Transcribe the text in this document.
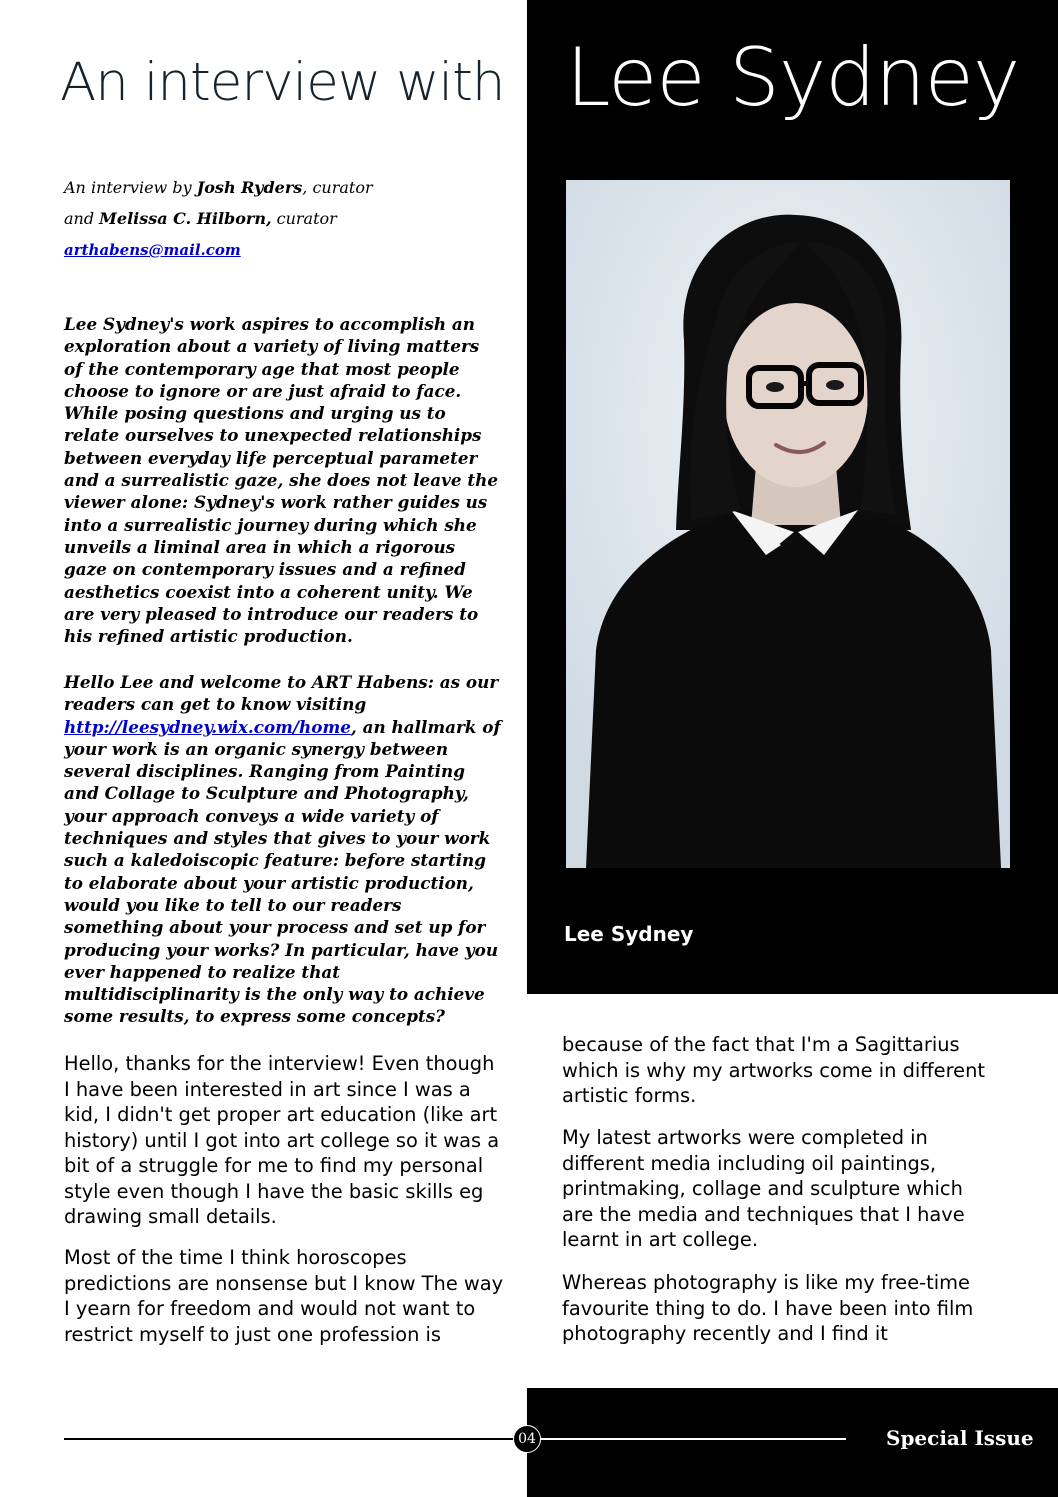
An interview with Lee Sydney

An interview by Josh Ryders, curator

and Melissa C. Hilborn, curator

arthabens@mail.com

Lee Sydney's work aspires to accomplish an exploration about a variety of living matters of the contemporary age that most people choose to ignore or are just afraid to face. While posing questions and urging us to relate ourselves to unexpected relationships between everyday life perceptual parameter and a surrealistic gaze, she does not leave the viewer alone: Sydney's work rather guides us into a surrealistic journey during which she unveils a liminal area in which a rigorous gaze on contemporary issues and a refined aesthetics coexist into a coherent unity. We are very pleased to introduce our readers to his refined artistic production.

Hello Lee and welcome to ART Habens: as our readers can get to know visiting http://leesydney.wix.com/home, an hallmark of your work is an organic synergy between several disciplines. Ranging from Painting and Collage to Sculpture and Photography, your approach conveys a wide variety of techniques and styles that gives to your work such a kaledoiscopic feature: before starting to elaborate about your artistic production, would you like to tell to our readers something about your process and set up for producing your works? In particular, have you ever happened to realize that multidisciplinarity is the only way to achieve some results, to express some concepts?

Hello, thanks for the interview! Even though I have been interested in art since I was a kid, I didn't get proper art education (like art history) until I got into art college so it was a bit of a struggle for me to find my personal style even though I have the basic skills eg drawing small details.

Most of the time I think horoscopes predictions are nonsense but I know The way I yearn for freedom and would not want to restrict myself to just one profession is

because of the fact that I'm a Sagittarius which is why my artworks come in different artistic forms.

My latest artworks were completed in different media including oil paintings, printmaking, collage and sculpture which are the media and techniques that I have learnt in art college.

Whereas photography is like my free-time favourite thing to do. I have been into film photography recently and I find it

Lee Sydney

04	Special Issue
